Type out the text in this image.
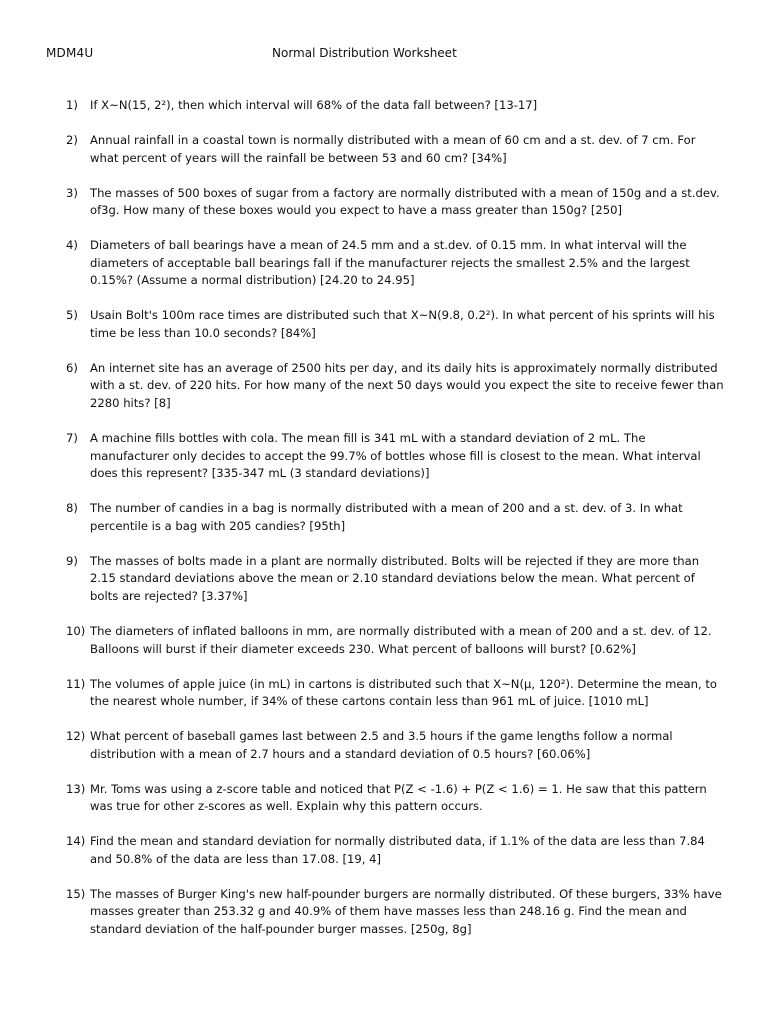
MDM4U	Normal Distribution Worksheet
1) If X~N(15, 2²), then which interval will 68% of the data fall between? [13-17]
2) Annual rainfall in a coastal town is normally distributed with a mean of 60 cm and a st. dev. of 7 cm. For what percent of years will the rainfall be between 53 and 60 cm? [34%]
3) The masses of 500 boxes of sugar from a factory are normally distributed with a mean of 150g and a st.dev. of3g. How many of these boxes would you expect to have a mass greater than 150g? [250]
4) Diameters of ball bearings have a mean of 24.5 mm and a st.dev. of 0.15 mm. In what interval will the diameters of acceptable ball bearings fall if the manufacturer rejects the smallest 2.5% and the largest 0.15%? (Assume a normal distribution) [24.20 to 24.95]
5) Usain Bolt's 100m race times are distributed such that X~N(9.8, 0.2²). In what percent of his sprints will his time be less than 10.0 seconds? [84%]
6) An internet site has an average of 2500 hits per day, and its daily hits is approximately normally distributed with a st. dev. of 220 hits. For how many of the next 50 days would you expect the site to receive fewer than 2280 hits? [8]
7) A machine fills bottles with cola. The mean fill is 341 mL with a standard deviation of 2 mL. The manufacturer only decides to accept the 99.7% of bottles whose fill is closest to the mean. What interval does this represent? [335-347 mL (3 standard deviations)]
8) The number of candies in a bag is normally distributed with a mean of 200 and a st. dev. of 3. In what percentile is a bag with 205 candies? [95th]
9) The masses of bolts made in a plant are normally distributed. Bolts will be rejected if they are more than 2.15 standard deviations above the mean or 2.10 standard deviations below the mean. What percent of bolts are rejected? [3.37%]
10) The diameters of inflated balloons in mm, are normally distributed with a mean of 200 and a st. dev. of 12. Balloons will burst if their diameter exceeds 230. What percent of balloons will burst? [0.62%]
11) The volumes of apple juice (in mL) in cartons is distributed such that X~N(μ, 120²). Determine the mean, to the nearest whole number, if 34% of these cartons contain less than 961 mL of juice. [1010 mL]
12) What percent of baseball games last between 2.5 and 3.5 hours if the game lengths follow a normal distribution with a mean of 2.7 hours and a standard deviation of 0.5 hours? [60.06%]
13) Mr. Toms was using a z-score table and noticed that P(Z < -1.6) + P(Z < 1.6) = 1. He saw that this pattern was true for other z-scores as well. Explain why this pattern occurs.
14) Find the mean and standard deviation for normally distributed data, if 1.1% of the data are less than 7.84 and 50.8% of the data are less than 17.08. [19, 4]
15) The masses of Burger King's new half-pounder burgers are normally distributed. Of these burgers, 33% have masses greater than 253.32 g and 40.9% of them have masses less than 248.16 g. Find the mean and standard deviation of the half-pounder burger masses. [250g, 8g]
